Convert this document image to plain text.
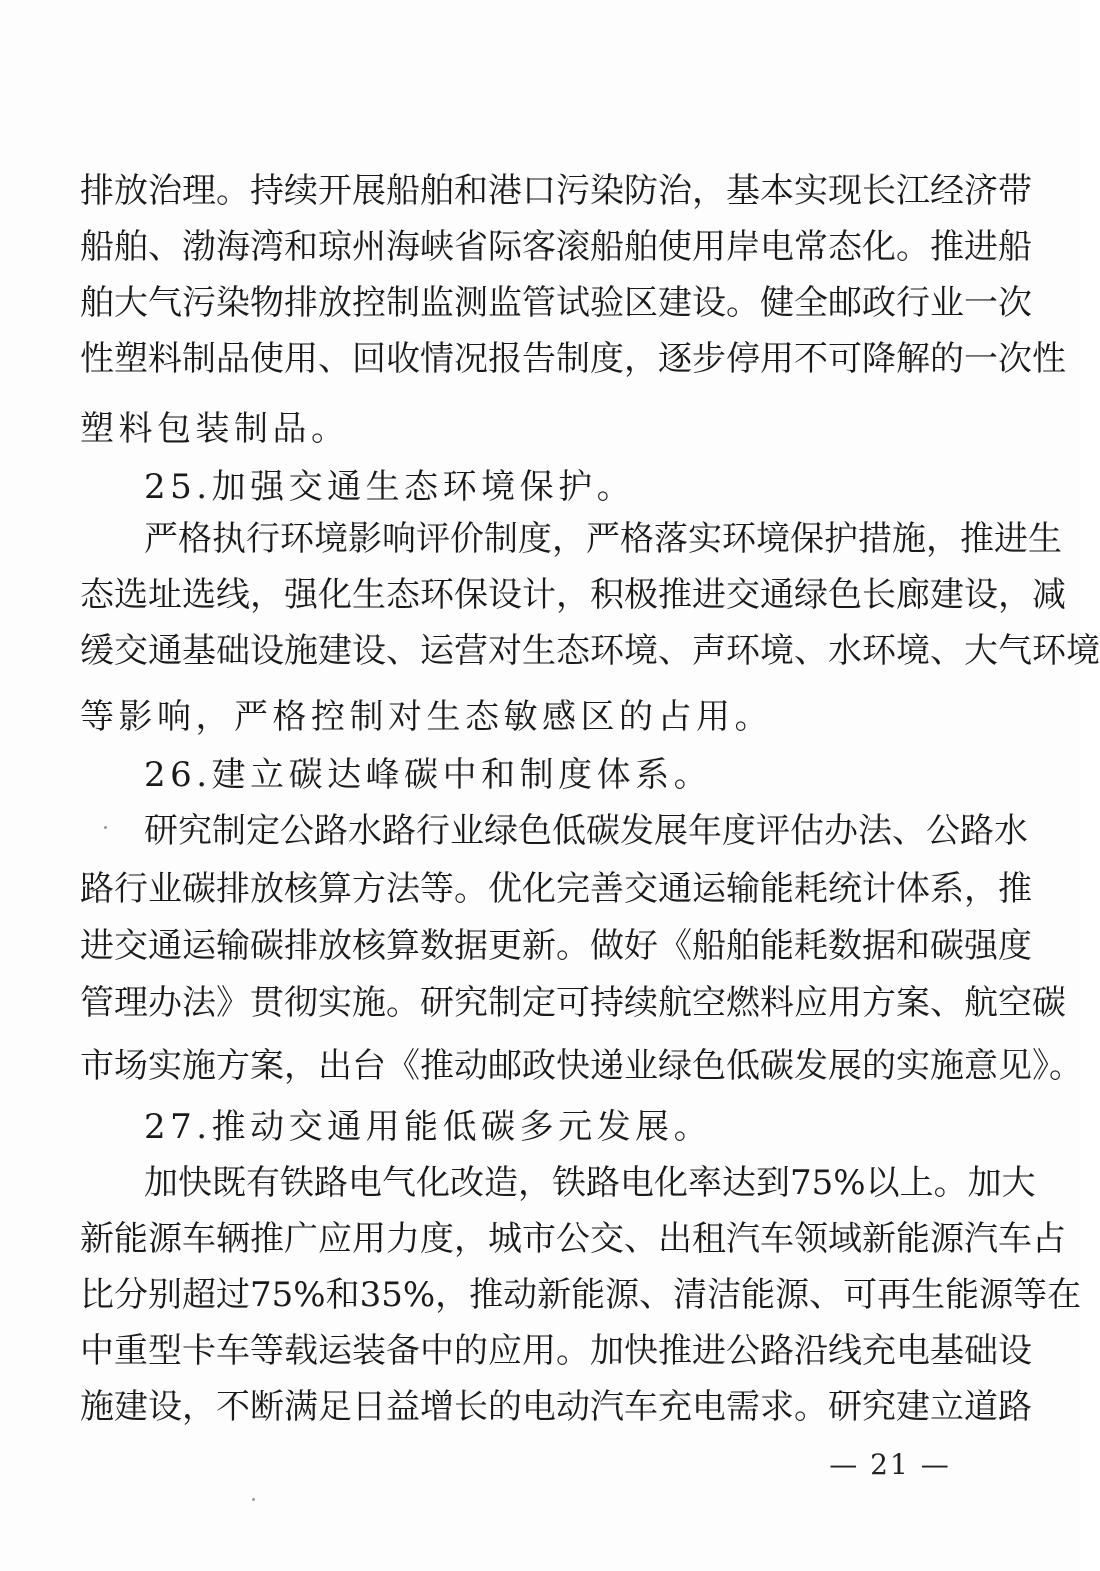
排放治理。持续开展船舶和港口污染防治，基本实现长江经济带
船舶、渤海湾和琼州海峡省际客滚船舶使用岸电常态化。推进船
舶大气污染物排放控制监测监管试验区建设。健全邮政行业一次
性塑料制品使用、回收情况报告制度，逐步停用不可降解的一次性
塑料包装制品。
25.加强交通生态环境保护。
严格执行环境影响评价制度，严格落实环境保护措施，推进生
态选址选线，强化生态环保设计，积极推进交通绿色长廊建设，减
缓交通基础设施建设、运营对生态环境、声环境、水环境、大气环境
等影响，严格控制对生态敏感区的占用。
26.建立碳达峰碳中和制度体系。
研究制定公路水路行业绿色低碳发展年度评估办法、公路水
路行业碳排放核算方法等。优化完善交通运输能耗统计体系，推
进交通运输碳排放核算数据更新。做好《船舶能耗数据和碳强度
管理办法》贯彻实施。研究制定可持续航空燃料应用方案、航空碳
市场实施方案，出台《推动邮政快递业绿色低碳发展的实施意见》。
27.推动交通用能低碳多元发展。
加快既有铁路电气化改造，铁路电化率达到75%以上。加大
新能源车辆推广应用力度，城市公交、出租汽车领域新能源汽车占
比分别超过75%和35%，推动新能源、清洁能源、可再生能源等在
中重型卡车等载运装备中的应用。加快推进公路沿线充电基础设
施建设，不断满足日益增长的电动汽车充电需求。研究建立道路
— 21 —
